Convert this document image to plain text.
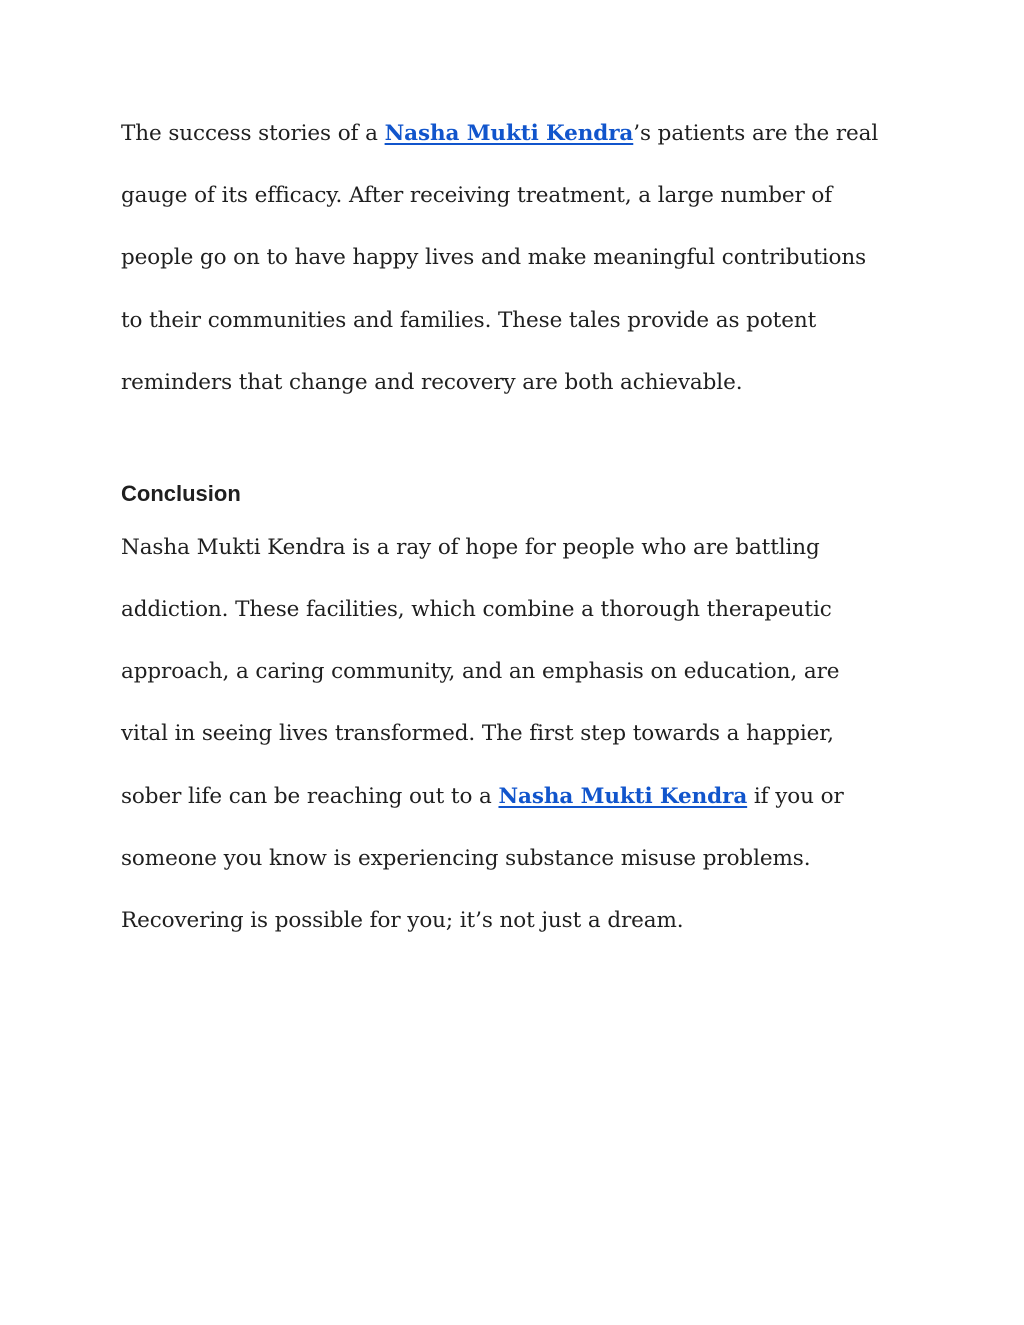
The success stories of a Nasha Mukti Kendra’s patients are the real
gauge of its efficacy. After receiving treatment, a large number of
people go on to have happy lives and make meaningful contributions
to their communities and families. These tales provide as potent
reminders that change and recovery are both achievable.
Conclusion
Nasha Mukti Kendra is a ray of hope for people who are battling
addiction. These facilities, which combine a thorough therapeutic
approach, a caring community, and an emphasis on education, are
vital in seeing lives transformed. The first step towards a happier,
sober life can be reaching out to a Nasha Mukti Kendra if you or
someone you know is experiencing substance misuse problems.
Recovering is possible for you; it’s not just a dream.
